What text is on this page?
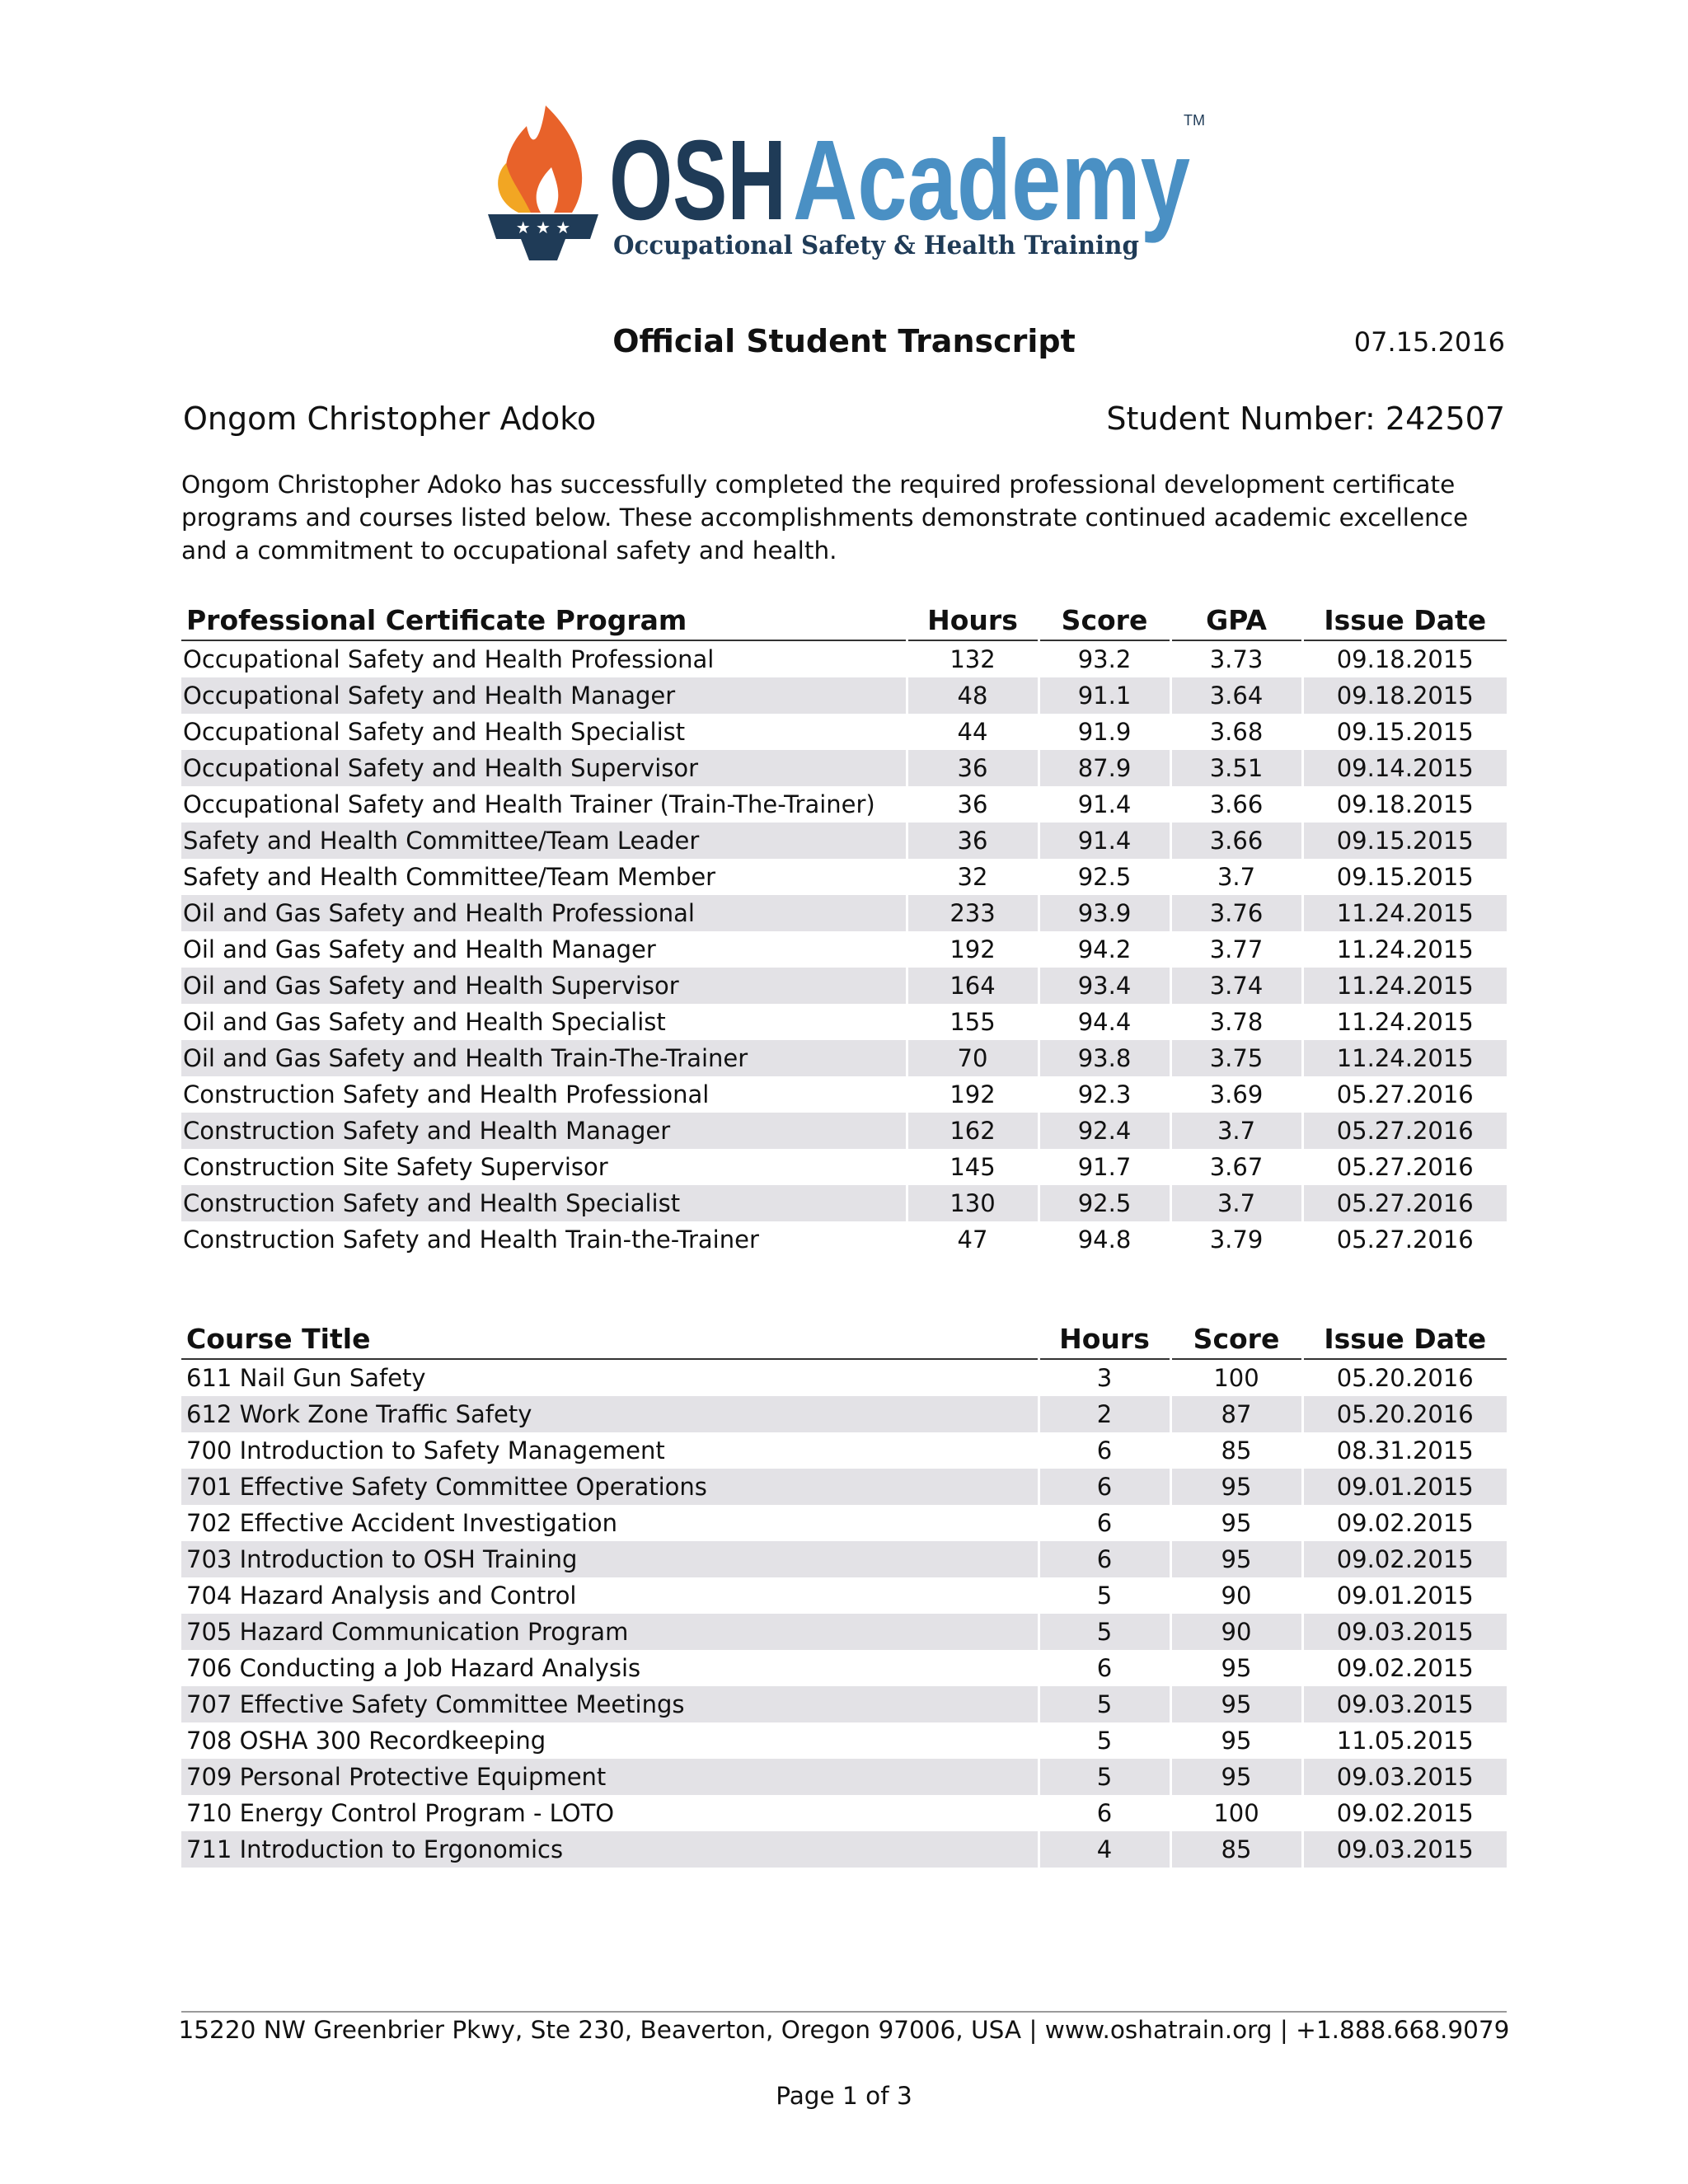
★ ★ ★ OSH Academy
TM
Occupational Safety & Health Training
Official Student Transcript	07.15.2016
Ongom Christopher Adoko	Student Number: 242507
Ongom Christopher Adoko has successfully completed the required professional development certificate programs and courses listed below. These accomplishments demonstrate continued academic excellence and a commitment to occupational safety and health.
Professional Certificate Program	Hours	Score	GPA	Issue Date
Occupational Safety and Health Professional	132	93.2	3.73	09.18.2015
Occupational Safety and Health Manager	48	91.1	3.64	09.18.2015
Occupational Safety and Health Specialist	44	91.9	3.68	09.15.2015
Occupational Safety and Health Supervisor	36	87.9	3.51	09.14.2015
Occupational Safety and Health Trainer (Train-The-Trainer)	36	91.4	3.66	09.18.2015
Safety and Health Committee/Team Leader	36	91.4	3.66	09.15.2015
Safety and Health Committee/Team Member	32	92.5	3.7	09.15.2015
Oil and Gas Safety and Health Professional	233	93.9	3.76	11.24.2015
Oil and Gas Safety and Health Manager	192	94.2	3.77	11.24.2015
Oil and Gas Safety and Health Supervisor	164	93.4	3.74	11.24.2015
Oil and Gas Safety and Health Specialist	155	94.4	3.78	11.24.2015
Oil and Gas Safety and Health Train-The-Trainer	70	93.8	3.75	11.24.2015
Construction Safety and Health Professional	192	92.3	3.69	05.27.2016
Construction Safety and Health Manager	162	92.4	3.7	05.27.2016
Construction Site Safety Supervisor	145	91.7	3.67	05.27.2016
Construction Safety and Health Specialist	130	92.5	3.7	05.27.2016
Construction Safety and Health Train-the-Trainer	47	94.8	3.79	05.27.2016
Course Title	Hours	Score	Issue Date
611 Nail Gun Safety	3	100	05.20.2016
612 Work Zone Traffic Safety	2	87	05.20.2016
700 Introduction to Safety Management	6	85	08.31.2015
701 Effective Safety Committee Operations	6	95	09.01.2015
702 Effective Accident Investigation	6	95	09.02.2015
703 Introduction to OSH Training	6	95	09.02.2015
704 Hazard Analysis and Control	5	90	09.01.2015
705 Hazard Communication Program	5	90	09.03.2015
706 Conducting a Job Hazard Analysis	6	95	09.02.2015
707 Effective Safety Committee Meetings	5	95	09.03.2015
708 OSHA 300 Recordkeeping	5	95	11.05.2015
709 Personal Protective Equipment	5	95	09.03.2015
710 Energy Control Program - LOTO	6	100	09.02.2015
711 Introduction to Ergonomics	4	85	09.03.2015
15220 NW Greenbrier Pkwy, Ste 230, Beaverton, Oregon 97006, USA | www.oshatrain.org | +1.888.668.9079
Page 1 of 3
